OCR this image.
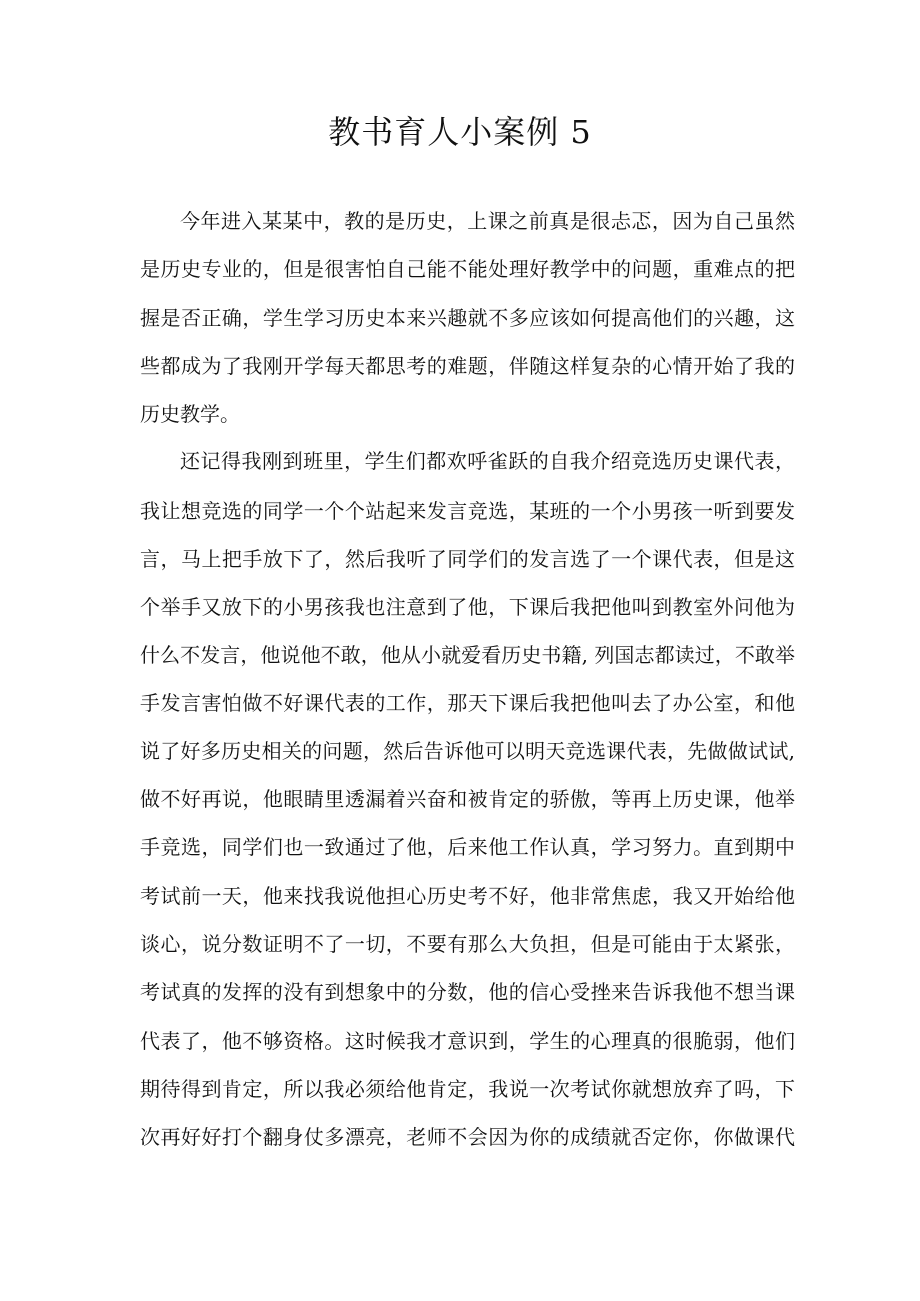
教书育人小案例 5
今年进入某某中，教的是历史，上课之前真是很忐忑，因为自己虽然
是历史专业的，但是很害怕自己能不能处理好教学中的问题，重难点的把
握是否正确，学生学习历史本来兴趣就不多应该如何提高他们的兴趣，这
些都成为了我刚开学每天都思考的难题，伴随这样复杂的心情开始了我的
历史教学。
还记得我刚到班里，学生们都欢呼雀跃的自我介绍竞选历史课代表，
我让想竞选的同学一个个站起来发言竞选，某班的一个小男孩一听到要发
言，马上把手放下了，然后我听了同学们的发言选了一个课代表，但是这
个举手又放下的小男孩我也注意到了他，下课后我把他叫到教室外问他为
什么不发言，他说他不敢，他从小就爱看历史书籍, 列国志都读过，不敢举
手发言害怕做不好课代表的工作，那天下课后我把他叫去了办公室，和他
说了好多历史相关的问题，然后告诉他可以明天竞选课代表，先做做试试,
做不好再说，他眼睛里透漏着兴奋和被肯定的骄傲，等再上历史课，他举
手竞选，同学们也一致通过了他，后来他工作认真，学习努力。直到期中
考试前一天，他来找我说他担心历史考不好，他非常焦虑，我又开始给他
谈心，说分数证明不了一切，不要有那么大负担，但是可能由于太紧张，
考试真的发挥的没有到想象中的分数，他的信心受挫来告诉我他不想当课
代表了，他不够资格。这时候我才意识到，学生的心理真的很脆弱，他们
期待得到肯定，所以我必须给他肯定，我说一次考试你就想放弃了吗，下
次再好好打个翻身仗多漂亮，老师不会因为你的成绩就否定你，你做课代
